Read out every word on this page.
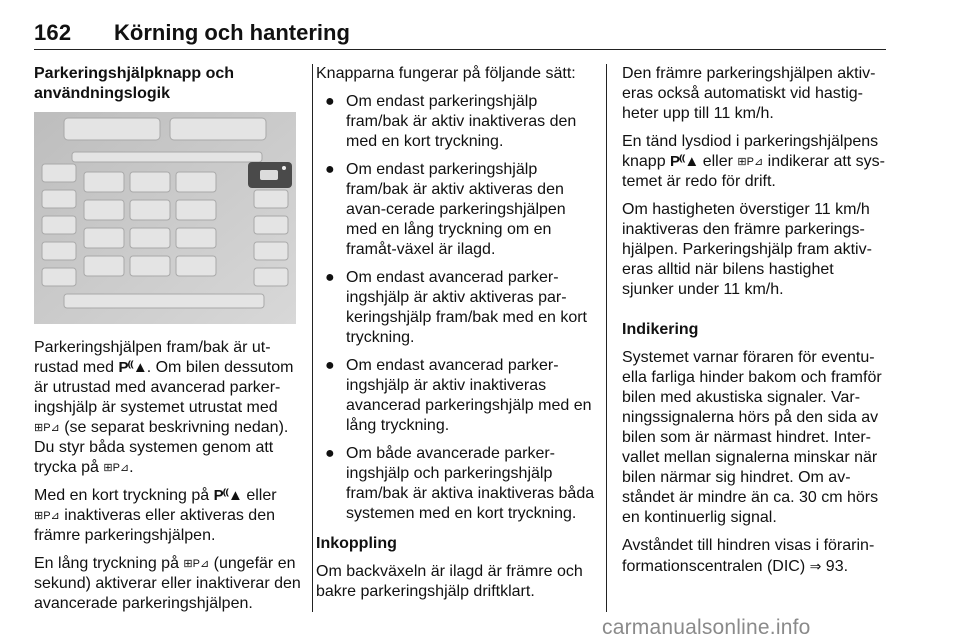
162 Körning och hantering

Parkeringshjälpknapp och användningslogik

Parkeringshjälpen fram/bak är ut-rustad med P⁽⁽▲. Om bilen dessutom är utrustad med avancerad parker-ingshjälp är systemet utrustat med ⊞P⊿ (se separat beskrivning nedan). Du styr båda systemen genom att trycka på ⊞P⊿.

Med en kort tryckning på P⁽⁽▲ eller ⊞P⊿ inaktiveras eller aktiveras den främre parkeringshjälpen.

En lång tryckning på ⊞P⊿ (ungefär en sekund) aktiverar eller inaktiverar den avancerade parkeringshjälpen.

Knapparna fungerar på följande sätt:

● Om endast parkeringshjälp fram/bak är aktiv inaktiveras den med en kort tryckning.
● Om endast parkeringshjälp fram/bak är aktiv aktiveras den avan-cerade parkeringshjälpen med en lång tryckning om en framåt-växel är ilagd.
● Om endast avancerad parker-ingshjälp är aktiv aktiveras par-keringshjälp fram/bak med en kort tryckning.
● Om endast avancerad parker-ingshjälp är aktiv inaktiveras avancerad parkeringshjälp med en lång tryckning.
● Om både avancerade parker-ingshjälp och parkeringshjälp fram/bak är aktiva inaktiveras båda systemen med en kort tryckning.

Inkoppling

Om backväxeln är ilagd är främre och bakre parkeringshjälp driftklart.

Den främre parkeringshjälpen aktiv-eras också automatiskt vid hastig-heter upp till 11 km/h.

En tänd lysdiod i parkeringshjälpens knapp P⁽⁽▲ eller ⊞P⊿ indikerar att sys-temet är redo för drift.

Om hastigheten överstiger 11 km/h inaktiveras den främre parkerings-hjälpen. Parkeringshjälp fram aktiv-eras alltid när bilens hastighet sjunker under 11 km/h.

Indikering

Systemet varnar föraren för eventu-ella farliga hinder bakom och framför bilen med akustiska signaler. Var-ningssignalerna hörs på den sida av bilen som är närmast hindret. Inter-vallet mellan signalerna minskar när bilen närmar sig hindret. Om av-ståndet är mindre än ca. 30 cm hörs en kontinuerlig signal.

Avståndet till hindren visas i förarin-formationscentralen (DIC) ⇒ 93.

carmanualsonline.info
